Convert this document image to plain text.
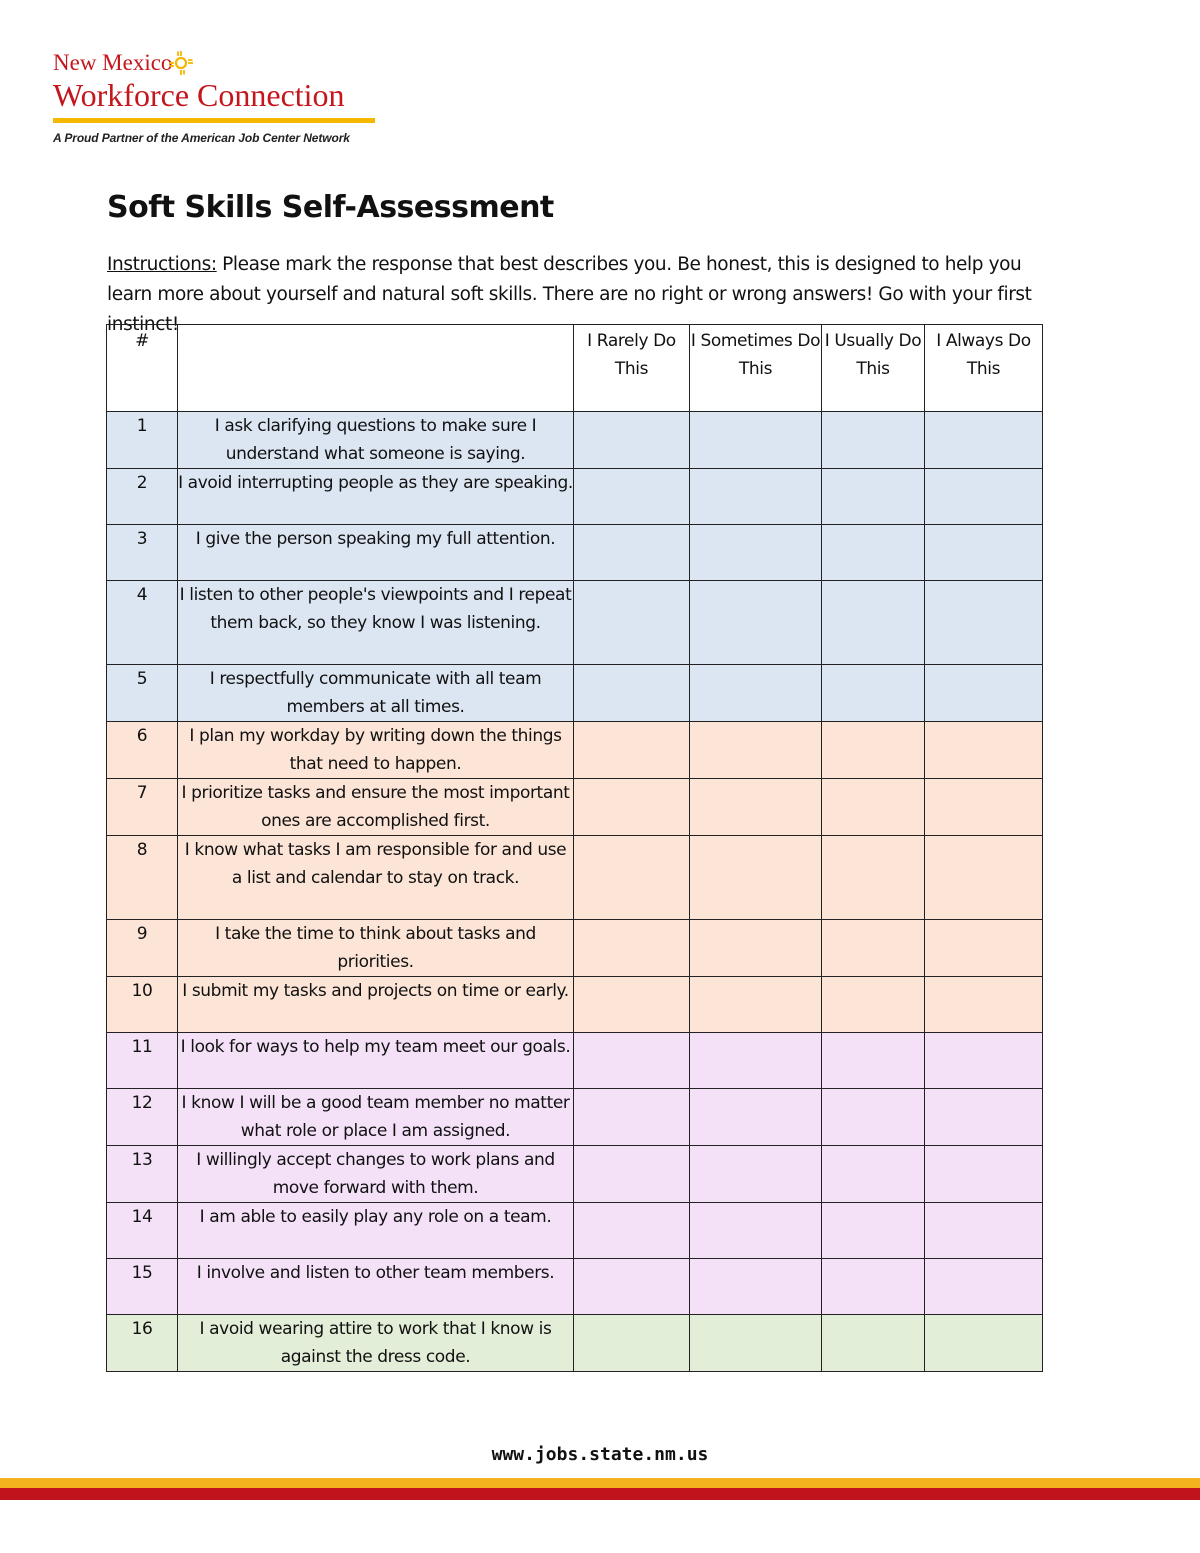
New Mexico
Workforce Connection
A Proud Partner of the American Job Center Network
Soft Skills Self-Assessment

Instructions: Please mark the response that best describes you. Be honest, this is designed to help you learn more about yourself and natural soft skills. There are no right or wrong answers! Go with your first instinct!

#		I Rarely Do This	I Sometimes Do This	I Usually Do This	I Always Do This
1	I ask clarifying questions to make sure I understand what someone is saying.				
2	I avoid interrupting people as they are speaking.				
3	I give the person speaking my full attention.				
4	I listen to other people's viewpoints and I repeat them back, so they know I was listening.				
5	I respectfully communicate with all team members at all times.				
6	I plan my workday by writing down the things that need to happen.				
7	I prioritize tasks and ensure the most important ones are accomplished first.				
8	I know what tasks I am responsible for and use a list and calendar to stay on track.				
9	I take the time to think about tasks and priorities.				
10	I submit my tasks and projects on time or early.				
11	I look for ways to help my team meet our goals.				
12	I know I will be a good team member no matter what role or place I am assigned.				
13	I willingly accept changes to work plans and move forward with them.				
14	I am able to easily play any role on a team.				
15	I involve and listen to other team members.				
16	I avoid wearing attire to work that I know is against the dress code.				
www.jobs.state.nm.us
